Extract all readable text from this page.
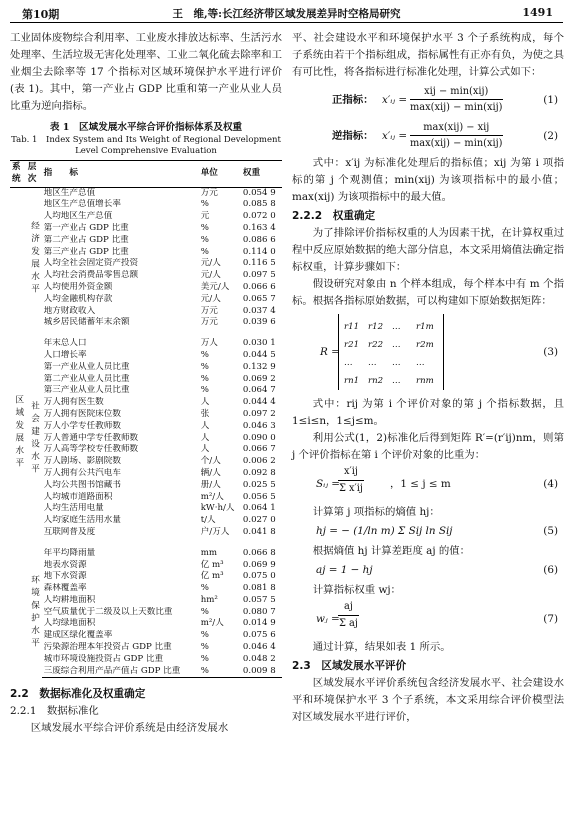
第10期	王　维,等:长江经济带区域发展差异时空格局研究	1491

工业固体废物综合利用率、工业废水排放达标率、生活污水处理率、生活垃圾无害化处理率、工业二氧化硫去除率和工业烟尘去除率等 17 个指标对区域环境保护水平进行评价(表 1)。其中，第一产业占 GDP 比重和第一产业从业人员比重为逆向指标。

表 1　区域发展水平综合评价指标体系及权重
Tab. 1　Index System and Its Weight of Regional Development Level Comprehensive Evaluation
系统	层次	指　　标	单位	权重
区域发展水平	经济发展水平	地区生产总值	万元	0.054 9
		地区生产总值增长率	%	0.085 8
		人均地区生产总值	元	0.072 0
		第一产业占 GDP 比重	%	0.163 4
		第二产业占 GDP 比重	%	0.086 6
		第三产业占 GDP 比重	%	0.114 0
		人均全社会固定资产投资	元/人	0.116 5
		人均社会消费品零售总额	元/人	0.097 5
		人均使用外资金额	美元/人	0.066 6
		人均金融机构存款	元/人	0.065 7
		地方财政收入	万元	0.037 4
		城乡居民储蓄年末余额	万元	0.039 6

	社会建设水平	年末总人口	万人	0.030 1
		人口增长率	%	0.044 5
		第一产业从业人员比重	%	0.132 9
		第二产业从业人员比重	%	0.069 2
		第三产业从业人员比重	%	0.064 7
		万人拥有医生数	人	0.044 4
		万人拥有医院床位数	张	0.097 2
		万人小学专任教师数	人	0.046 3
		万人普通中学专任教师数	人	0.090 0
		万人高等学校专任教师数	人	0.066 7
		万人剧场、影剧院数	个/人	0.006 2
		万人拥有公共汽电车	辆/人	0.092 8
		人均公共图书馆藏书	册/人	0.025 5
		人均城市道路面积	m²/人	0.056 5
		人均生活用电量	kW·h/人	0.064 1
		人均家庭生活用水量	t/人	0.027 0
		互联网普及度	户/万人	0.041 8

	环境保护水平	年平均降雨量	mm	0.066 8
		地表水资源	亿 m³	0.069 9
		地下水资源	亿 m³	0.075 0
		森林覆盖率	%	0.081 8
		人均耕地面积	hm²	0.057 5
		空气质量优于二级及以上天数比重	%	0.080 7
		人均绿地面积	m²/人	0.014 9
		建成区绿化覆盖率	%	0.075 6
		污染源治理本年投资占 GDP 比重	%	0.046 4
		城市环境设施投资占 GDP 比重	%	0.048 2
		三废综合利用产品产值占 GDP 比重	%	0.009 8

2.2　数据标准化及权重确定

2.2.1　数据标准化

区域发展水平综合评价系统是由经济发展水

平、社会建设水平和环境保护水平 3 个子系统构成，每个子系统由若干个指标组成，指标属性有正亦有负，为使之具有可比性，将各指标进行标准化处理，计算公式如下：

正指标： x′ᵢⱼ =
xij − min(xij)
max(xij) − min(xij)
(1)
逆指标： x′ᵢⱼ =
max(xij) − xij
max(xij) − min(xij)
(2)

式中：x′ij 为标准化处理后的指标值；xij 为第 i 项指标的第 j 个观测值；min(xij) 为该项指标中的最小值；max(xij) 为该项指标中的最大值。

2.2.2　权重确定

为了排除评价指标权重的人为因素干扰，在计算权重过程中反应原始数据的绝大部分信息，本文采用熵值法确定指标权重，计算步骤如下：

假设研究对象由 n 个样本组成，每个样本中有 m 个指标。根据各指标原始数据，可以构建如下原始数据矩阵：

R =
r11 r12 … r1m
r21 r22 … r2m
… … … …
rn1 rn2 … rnm
(3)

式中：rij 为第 i 个评价对象的第 j 个指标数据，且 1≤i≤n，1≤j≤m。

利用公式(1，2)标准化后得到矩阵 R′=(r′ij)nm，则第 j 个评价指标在第 i 个评价对象的比重为：

Sᵢⱼ =
$\frac{x'ij}{\text{Σ x′ij}}$	，1 ≤ j ≤ m	(4)

计算第 j 项指标的熵值 hj：

hj = − (1/ln m) Σ Sij ln Sij	(5)

根据熵值 hj 计算差距度 aj 的值：

aj = 1 − hj	(6)

计算指标权重 wj：

wⱼ =
$\frac{aj}{\text{Σ aj}}$	(7)

通过计算，结果如表 1 所示。

2.3　区域发展水平评价

区域发展水平评价系统包含经济发展水平、社会建设水平和环境保护水平 3 个子系统，本文采用综合评价模型法对区域发展水平进行评价，
